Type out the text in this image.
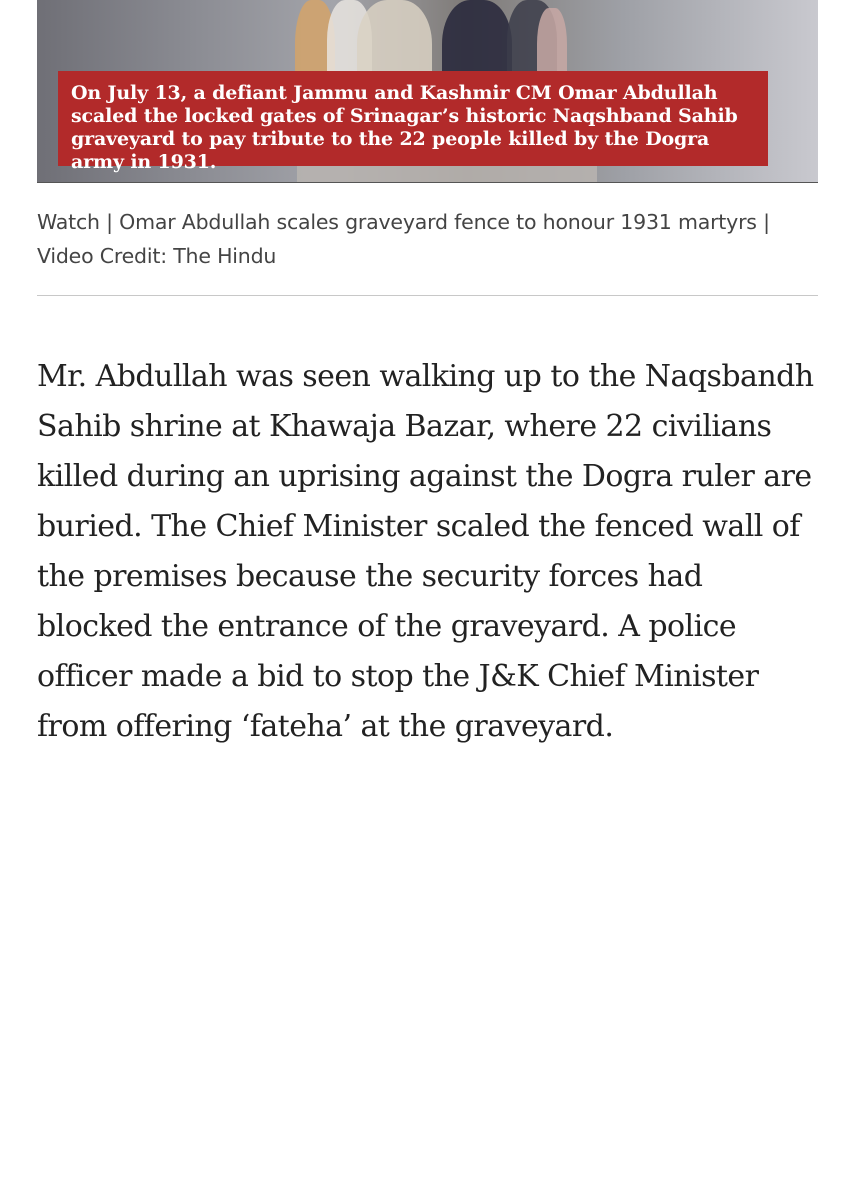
On July 13, a defiant Jammu and Kashmir CM Omar Abdullah scaled the locked gates of Srinagar’s historic Naqshband Sahib graveyard to pay tribute to the 22 people killed by the Dogra army in 1931.
Watch | Omar Abdullah scales graveyard fence to honour 1931 martyrs | Video Credit: The Hindu

Mr. Abdullah was seen walking up to the Naqsbandh Sahib shrine at Khawaja Bazar, where 22 civilians killed during an uprising against the Dogra ruler are buried. The Chief Minister scaled the fenced wall of the premises because the security forces had blocked the entrance of the graveyard. A police officer made a bid to stop the J&K Chief Minister from offering ‘fateha’ at the graveyard.
